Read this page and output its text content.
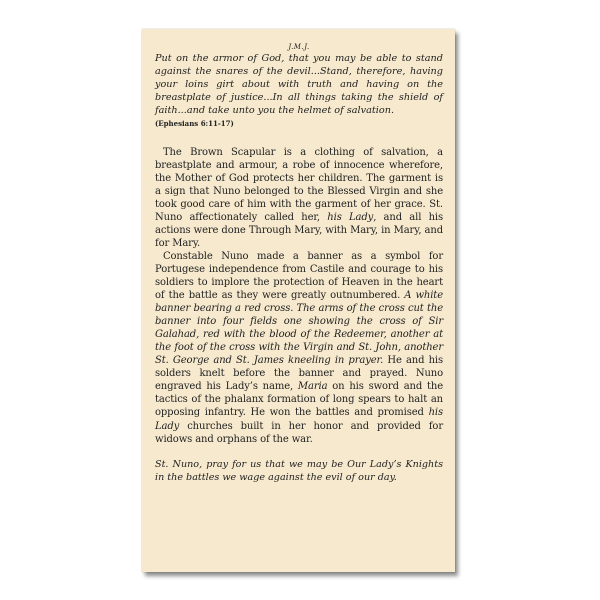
J.M.J.

Put on the armor of God, that you may be able to stand against the snares of the devil...Stand, therefore, having your loins girt about with truth and having on the breastplate of justice...In all things taking the shield of faith...and take unto you the helmet of salvation.

(Ephesians 6:11-17)

The Brown Scapular is a clothing of salvation, a breastplate and armour, a robe of innocence wherefore, the Mother of God protects her children. The garment is a sign that Nuno belonged to the Blessed Virgin and she took good care of him with the garment of her grace. St. Nuno affectionately called her, his Lady, and all his actions were done Through Mary, with Mary, in Mary, and for Mary.

Constable Nuno made a banner as a symbol for Portugese independence from Castile and courage to his soldiers to implore the protection of Heaven in the heart of the battle as they were greatly outnumbered. A white banner bearing a red cross. The arms of the cross cut the banner into four fields one showing the cross of Sir Galahad, red with the blood of the Redeemer, another at the foot of the cross with the Virgin and St. John, another St. George and St. James kneeling in prayer. He and his solders knelt before the banner and prayed. Nuno engraved his Lady’s name, Maria on his sword and the tactics of the phalanx formation of long spears to halt an opposing infantry. He won the battles and promised his Lady churches built in her honor and provided for widows and orphans of the war.

St. Nuno, pray for us that we may be Our Lady’s Knights in the battles we wage against the evil of our day.
